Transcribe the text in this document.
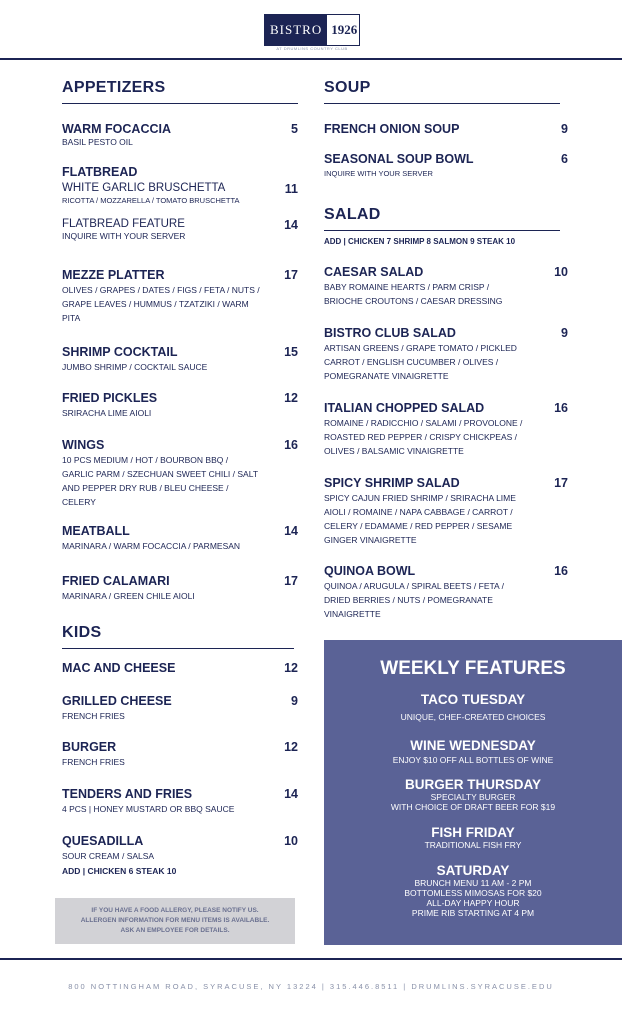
BISTRO 1926
AT DRUMLINS COUNTRY CLUB
APPETIZERS
WARM FOCACCIA	5
BASIL PESTO OIL
FLATBREAD
WHITE GARLIC BRUSCHETTA	11
RICOTTA / MOZZARELLA / TOMATO BRUSCHETTA
FLATBREAD FEATURE	14
INQUIRE WITH YOUR SERVER
MEZZE PLATTER	17
OLIVES / GRAPES / DATES / FIGS / FETA / NUTS / GRAPE LEAVES / HUMMUS / TZATZIKI / WARM PITA
SHRIMP COCKTAIL	15
JUMBO SHRIMP / COCKTAIL SAUCE
FRIED PICKLES	12
SRIRACHA LIME AIOLI
WINGS	16
10 PCS MEDIUM / HOT / BOURBON BBQ / GARLIC PARM / SZECHUAN SWEET CHILI / SALT AND PEPPER DRY RUB / BLEU CHEESE / CELERY
MEATBALL	14
MARINARA / WARM FOCACCIA / PARMESAN
FRIED CALAMARI	17
MARINARA / GREEN CHILE AIOLI
KIDS
MAC AND CHEESE	12
GRILLED CHEESE	9
FRENCH FRIES
BURGER	12
FRENCH FRIES
TENDERS AND FRIES	14
4 PCS | HONEY MUSTARD OR BBQ SAUCE
QUESADILLA	10
SOUR CREAM / SALSA
ADD | CHICKEN 6 STEAK 10
IF YOU HAVE A FOOD ALLERGY, PLEASE NOTIFY US.
ALLERGEN INFORMATION FOR MENU ITEMS IS AVAILABLE.
ASK AN EMPLOYEE FOR DETAILS.
SOUP
FRENCH ONION SOUP	9
SEASONAL SOUP BOWL	6
INQUIRE WITH YOUR SERVER
SALAD
ADD | CHICKEN 7 SHRIMP 8 SALMON 9 STEAK 10
CAESAR SALAD	10
BABY ROMAINE HEARTS / PARM CRISP / BRIOCHE CROUTONS / CAESAR DRESSING
BISTRO CLUB SALAD	9
ARTISAN GREENS / GRAPE TOMATO / PICKLED CARROT / ENGLISH CUCUMBER / OLIVES / POMEGRANATE VINAIGRETTE
ITALIAN CHOPPED SALAD	16
ROMAINE / RADICCHIO / SALAMI / PROVOLONE / ROASTED RED PEPPER / CRISPY CHICKPEAS / OLIVES / BALSAMIC VINAIGRETTE
SPICY SHRIMP SALAD	17
SPICY CAJUN FRIED SHRIMP / SRIRACHA LIME AIOLI / ROMAINE / NAPA CABBAGE / CARROT / CELERY / EDAMAME / RED PEPPER / SESAME GINGER VINAIGRETTE
QUINOA BOWL	16
QUINOA / ARUGULA / SPIRAL BEETS / FETA / DRIED BERRIES / NUTS / POMEGRANATE VINAIGRETTE
WEEKLY FEATURES
TACO TUESDAY
UNIQUE, CHEF-CREATED CHOICES
WINE WEDNESDAY
ENJOY $10 OFF ALL BOTTLES OF WINE
BURGER THURSDAY
SPECIALTY BURGER
WITH CHOICE OF DRAFT BEER FOR $19
FISH FRIDAY
TRADITIONAL FISH FRY
SATURDAY
BRUNCH MENU 11 AM - 2 PM
BOTTOMLESS MIMOSAS FOR $20
ALL-DAY HAPPY HOUR
PRIME RIB STARTING AT 4 PM
800 NOTTINGHAM ROAD, SYRACUSE, NY 13224 | 315.446.8511 | DRUMLINS.SYRACUSE.EDU
